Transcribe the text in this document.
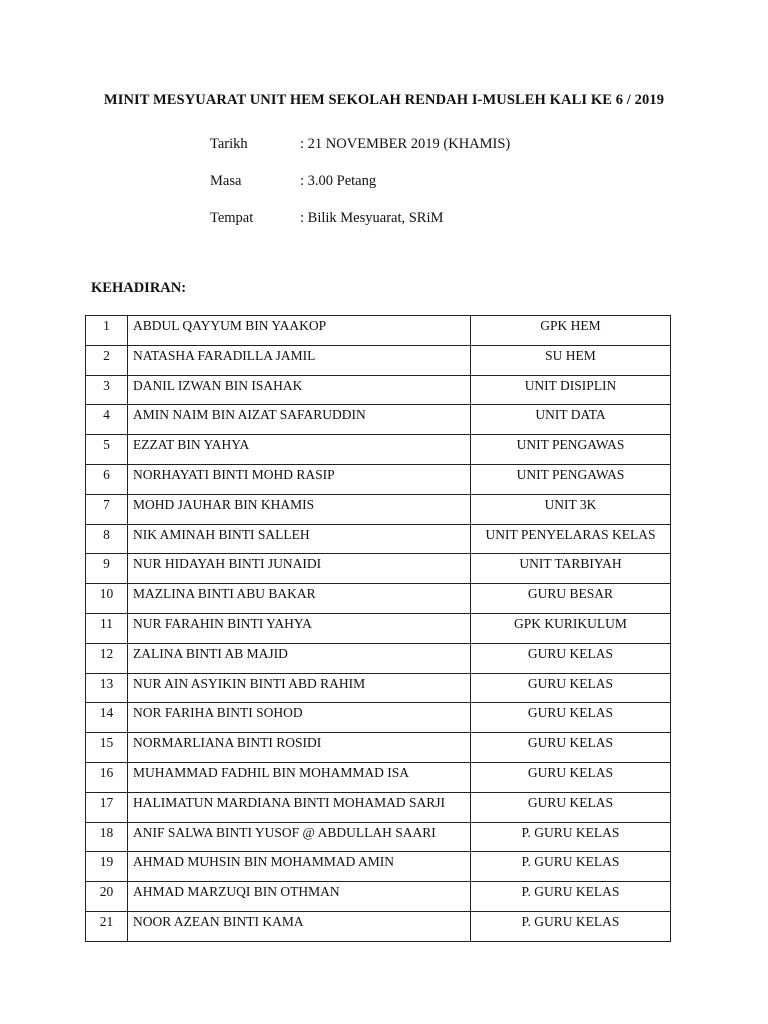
MINIT MESYUARAT UNIT HEM SEKOLAH RENDAH I-MUSLEH KALI KE 6 / 2019
Tarikh	: 21 NOVEMBER 2019 (KHAMIS)
Masa	: 3.00 Petang
Tempat	: Bilik Mesyuarat, SRiM
KEHADIRAN:
1	ABDUL QAYYUM BIN YAAKOP	GPK HEM
2	NATASHA FARADILLA JAMIL	SU HEM
3	DANIL IZWAN BIN ISAHAK	UNIT DISIPLIN
4	AMIN NAIM BIN AIZAT SAFARUDDIN	UNIT DATA
5	EZZAT BIN YAHYA	UNIT PENGAWAS
6	NORHAYATI BINTI MOHD RASIP	UNIT PENGAWAS
7	MOHD JAUHAR BIN KHAMIS	UNIT 3K
8	NIK AMINAH BINTI SALLEH	UNIT PENYELARAS KELAS
9	NUR HIDAYAH BINTI JUNAIDI	UNIT TARBIYAH
10	MAZLINA BINTI ABU BAKAR	GURU BESAR
11	NUR FARAHIN BINTI YAHYA	GPK KURIKULUM
12	ZALINA BINTI AB MAJID	GURU KELAS
13	NUR AIN ASYIKIN BINTI ABD RAHIM	GURU KELAS
14	NOR FARIHA BINTI SOHOD	GURU KELAS
15	NORMARLIANA BINTI ROSIDI	GURU KELAS
16	MUHAMMAD FADHIL BIN MOHAMMAD ISA	GURU KELAS
17	HALIMATUN MARDIANA BINTI MOHAMAD SARJI	GURU KELAS
18	ANIF SALWA BINTI YUSOF @ ABDULLAH SAARI	P. GURU KELAS
19	AHMAD MUHSIN BIN MOHAMMAD AMIN	P. GURU KELAS
20	AHMAD MARZUQI BIN OTHMAN	P. GURU KELAS
21	NOOR AZEAN BINTI KAMA	P. GURU KELAS
